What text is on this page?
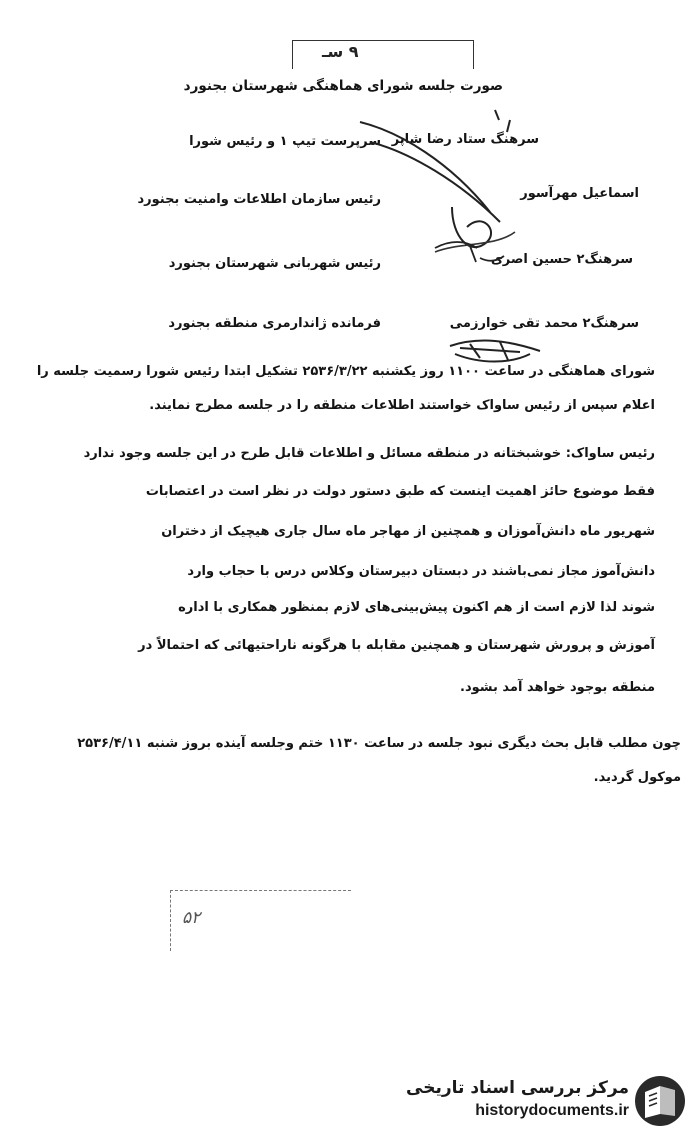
۹ سـ
صورت جلسه شورای هماهنگی شهرستان بجنورد
سرهنگ ستاد رضا شاپر
سرپرست تیپ ۱ و رئیس شورا
اسماعیل مهرآسور
رئیس سازمان اطلاعات وامنیت بجنورد
سرهنگ۲ حسین اصری
رئیس شهربانی شهرستان بجنورد
سرهنگ۲ محمد تقی خوارزمی
فرمانده ژاندارمری منطقه بجنورد
شورای هماهنگی در ساعت ۱۱۰۰ روز یکشنبه ۲۵۳۶/۳/۲۲ تشکیل ابتدا رئیس شورا رسمیت جلسه را
اعلام سپس از رئیس ساواک خواستند اطلاعات منطقه را در جلسه مطرح نمایند.
رئیس ساواک: خوشبختانه در منطقه مسائل و اطلاعات قابل طرح در این جلسه وجود ندارد
فقط موضوع حائز اهمیت اینست که طبق دستور دولت در نظر است در اعتصابات
شهریور ماه دانش‌آموزان و همچنین از مهاجر ماه سال جاری هیچیک از دختران
دانش‌آموز مجاز نمی‌باشند در دبستان دبیرستان وکلاس درس با حجاب وارد
شوند لذا لازم است از هم اکنون پیش‌بینی‌های لازم بمنظور همکاری با اداره
آموزش و پرورش شهرستان و همچنین مقابله با هرگونه ناراحتیهائی که احتمالاً در
منطقه بوجود خواهد آمد بشود.
چون مطلب قابل بحث دیگری نبود جلسه در ساعت ۱۱۳۰ ختم وجلسه آینده بروز شنبه ۲۵۳۶/۴/۱۱
موکول گردید.
۵۲
مرکز بررسی اسناد تاریخی
historydocuments.ir
